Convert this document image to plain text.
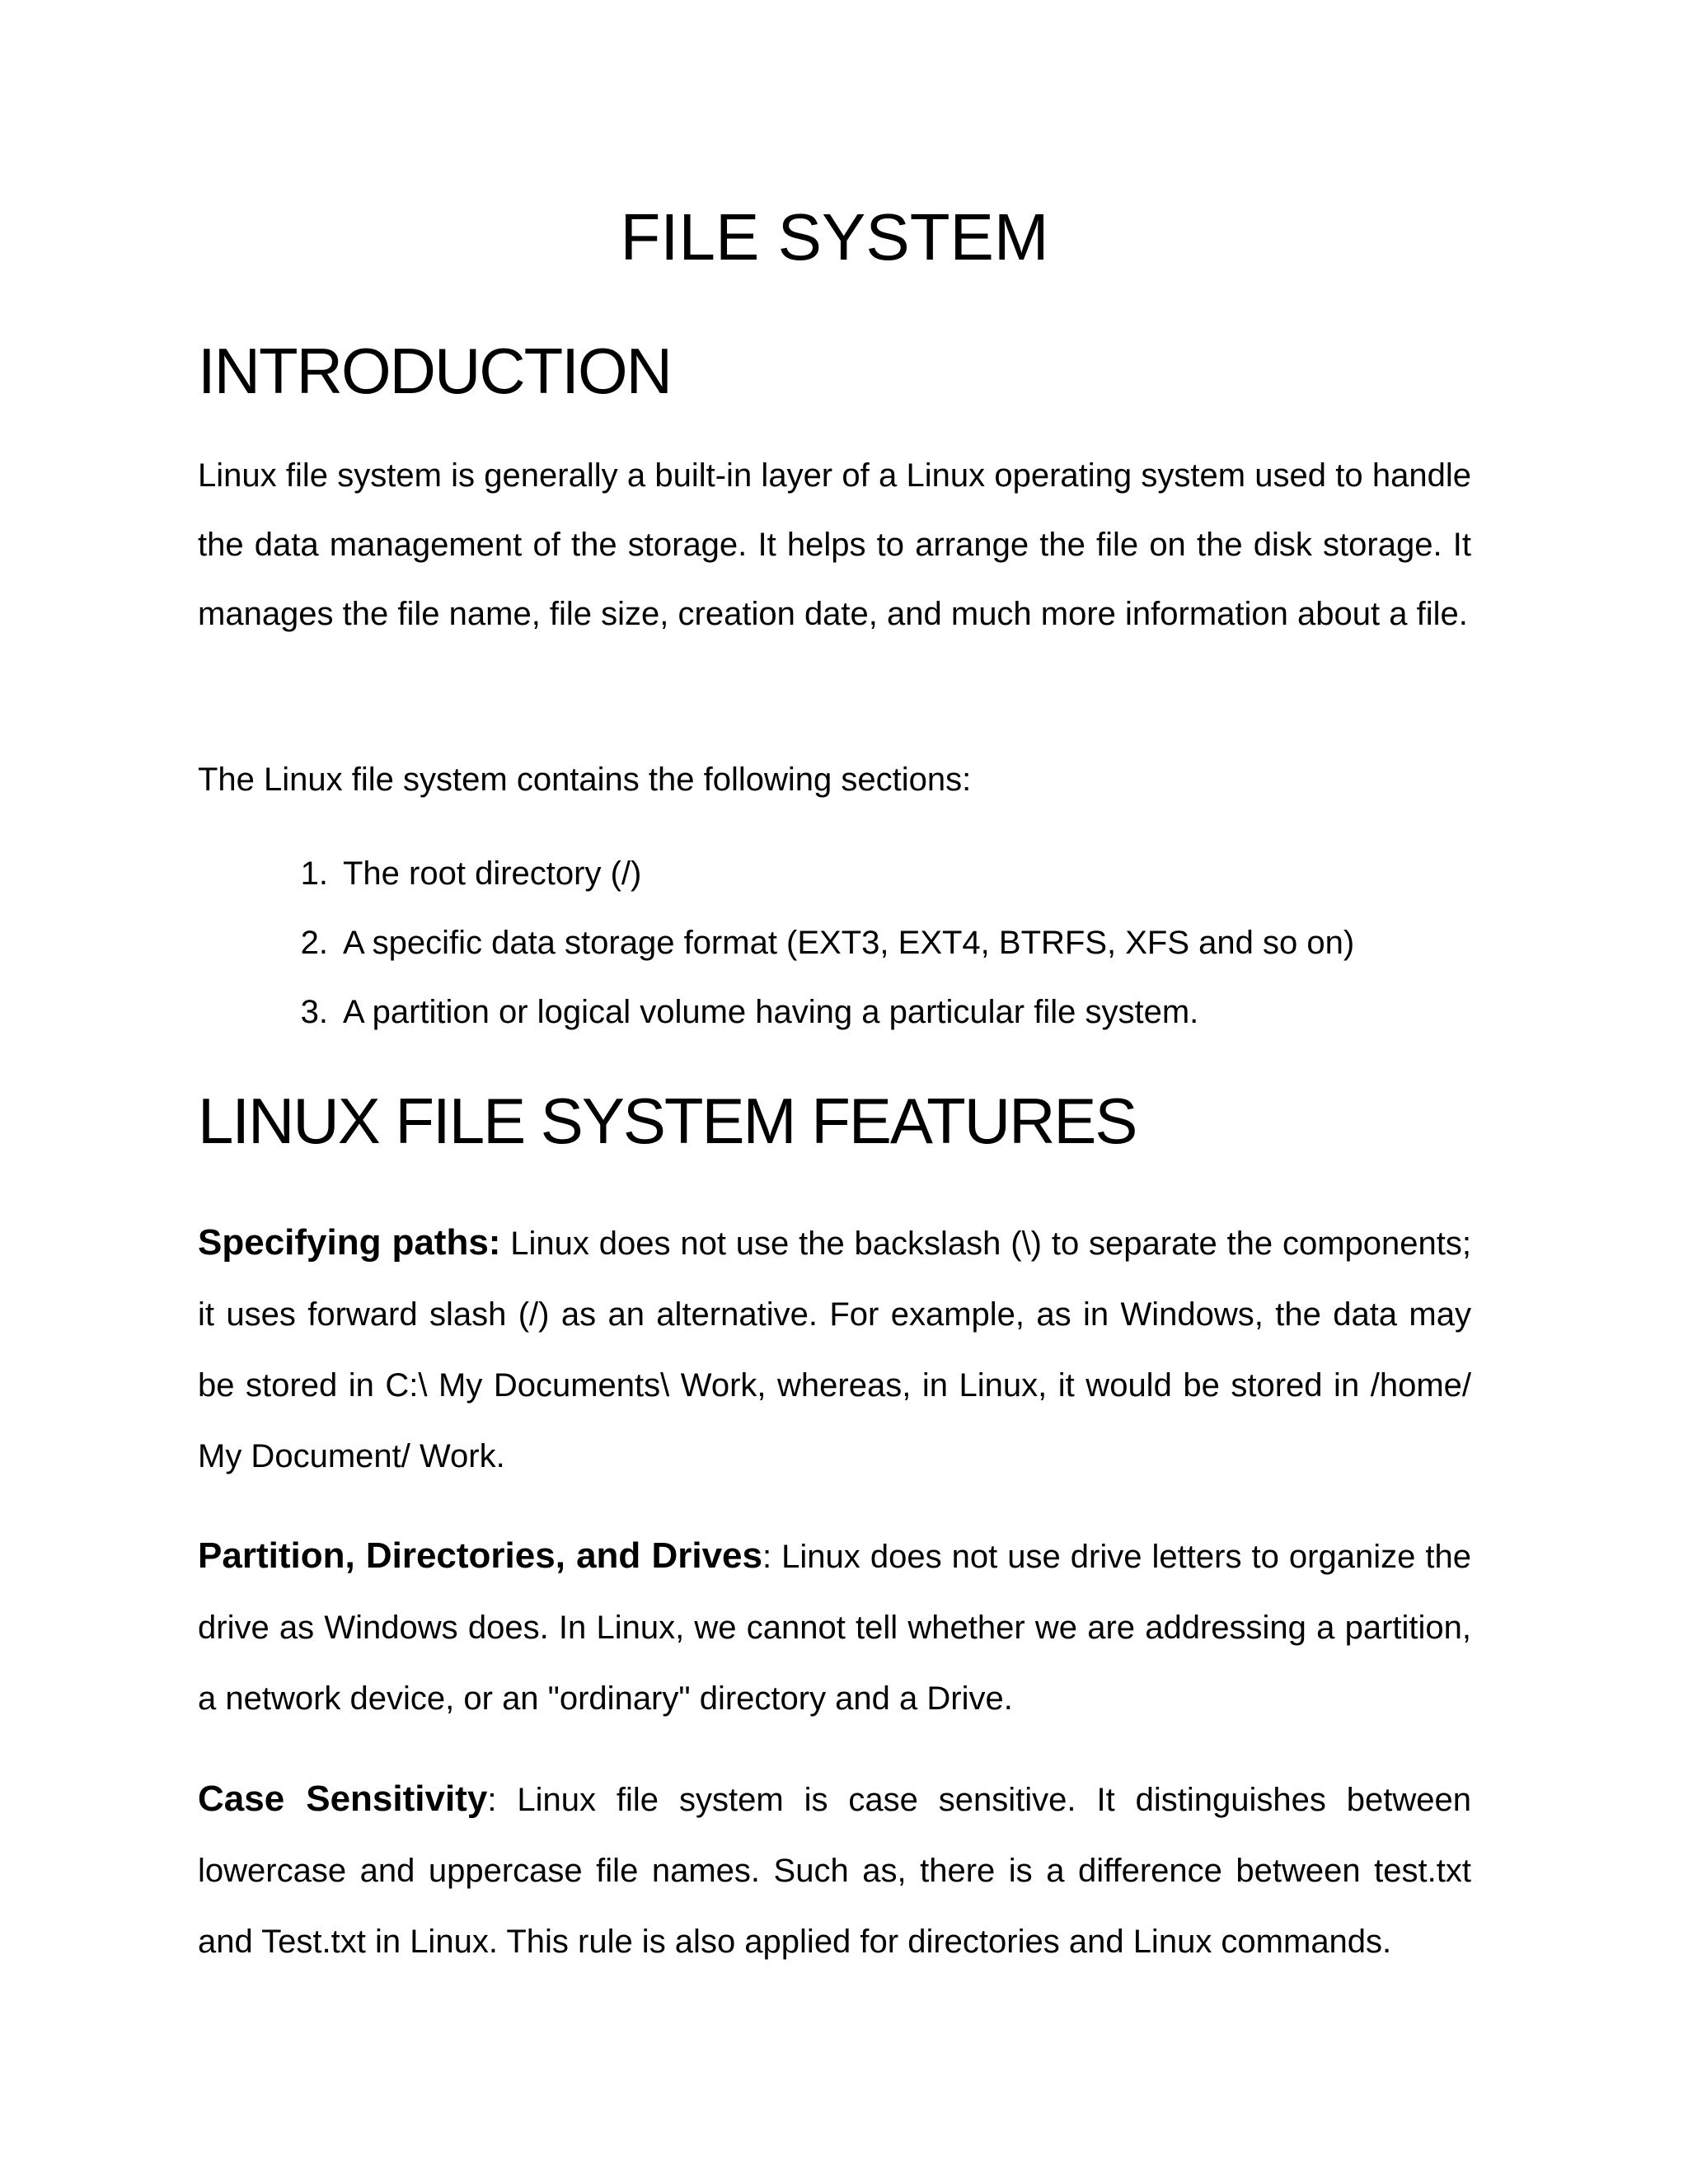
FILE SYSTEM
INTRODUCTION

Linux file system is generally a built-in layer of a Linux operating system used to handle the data management of the storage. It helps to arrange the file on the disk storage. It manages the file name, file size, creation date, and much more information about a file.

The Linux file system contains the following sections:

1. The root directory (/)
2. A specific data storage format (EXT3, EXT4, BTRFS, XFS and so on)
3. A partition or logical volume having a particular file system.
LINUX FILE SYSTEM FEATURES

Specifying paths: Linux does not use the backslash (\) to separate the components; it uses forward slash (/) as an alternative. For example, as in Windows, the data may be stored in C:\ My Documents\ Work, whereas, in Linux, it would be stored in /home/ My Document/ Work.

Partition, Directories, and Drives: Linux does not use drive letters to organize the drive as Windows does. In Linux, we cannot tell whether we are addressing a partition, a network device, or an "ordinary" directory and a Drive.

Case Sensitivity: Linux file system is case sensitive. It distinguishes between lowercase and uppercase file names. Such as, there is a difference between test.txt and Test.txt in Linux. This rule is also applied for directories and Linux commands.
